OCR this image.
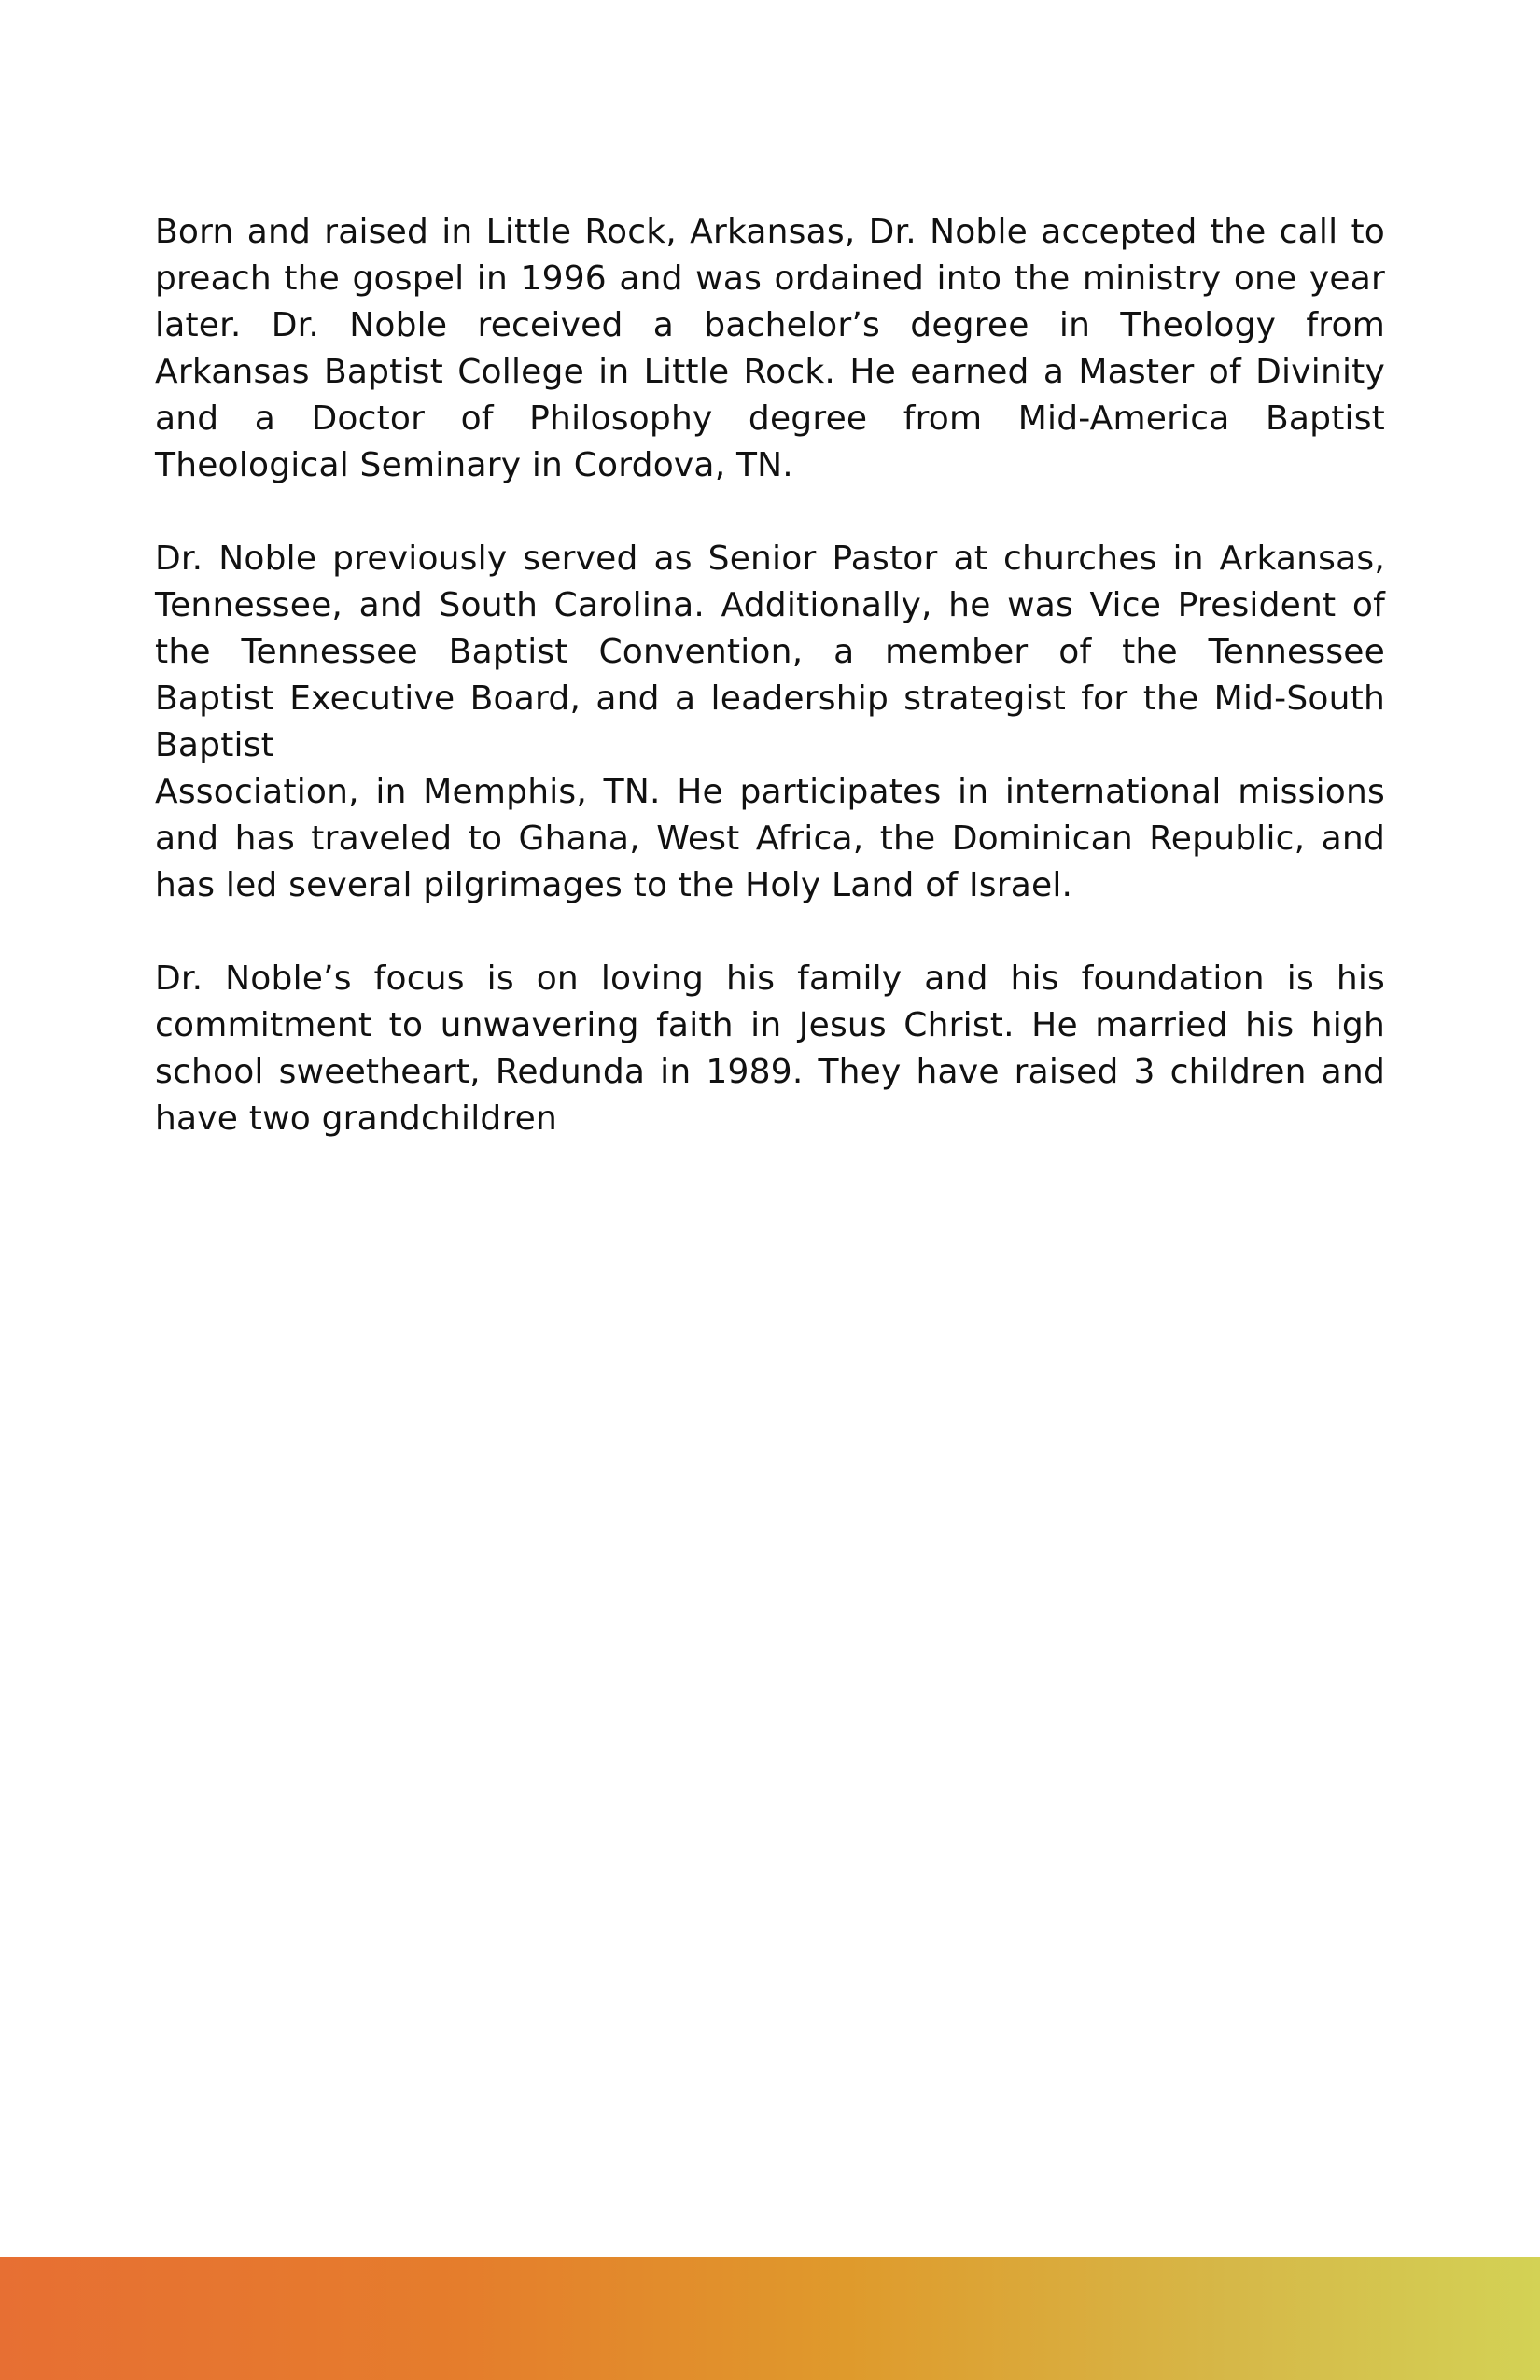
Born and raised in Little Rock, Arkansas, Dr. Noble accepted the call to
preach the gospel in 1996 and was ordained into the ministry one year
later. Dr. Noble received a bachelor’s degree in Theology from
Arkansas Baptist College in Little Rock. He earned a Master of Divinity
and a Doctor of Philosophy degree from Mid-America Baptist
Theological Seminary in Cordova, TN.

Dr. Noble previously served as Senior Pastor at churches in Arkansas,
Tennessee, and South Carolina. Additionally, he was Vice President of
the Tennessee Baptist Convention, a member of the Tennessee
Baptist Executive Board, and a leadership strategist for the Mid-South
Baptist
Association, in Memphis, TN. He participates in international missions
and has traveled to Ghana, West Africa, the Dominican Republic, and
has led several pilgrimages to the Holy Land of Israel.

Dr. Noble’s focus is on loving his family and his foundation is his
commitment to unwavering faith in Jesus Christ. He married his high
school sweetheart, Redunda in 1989. They have raised 3 children and
have two grandchildren
